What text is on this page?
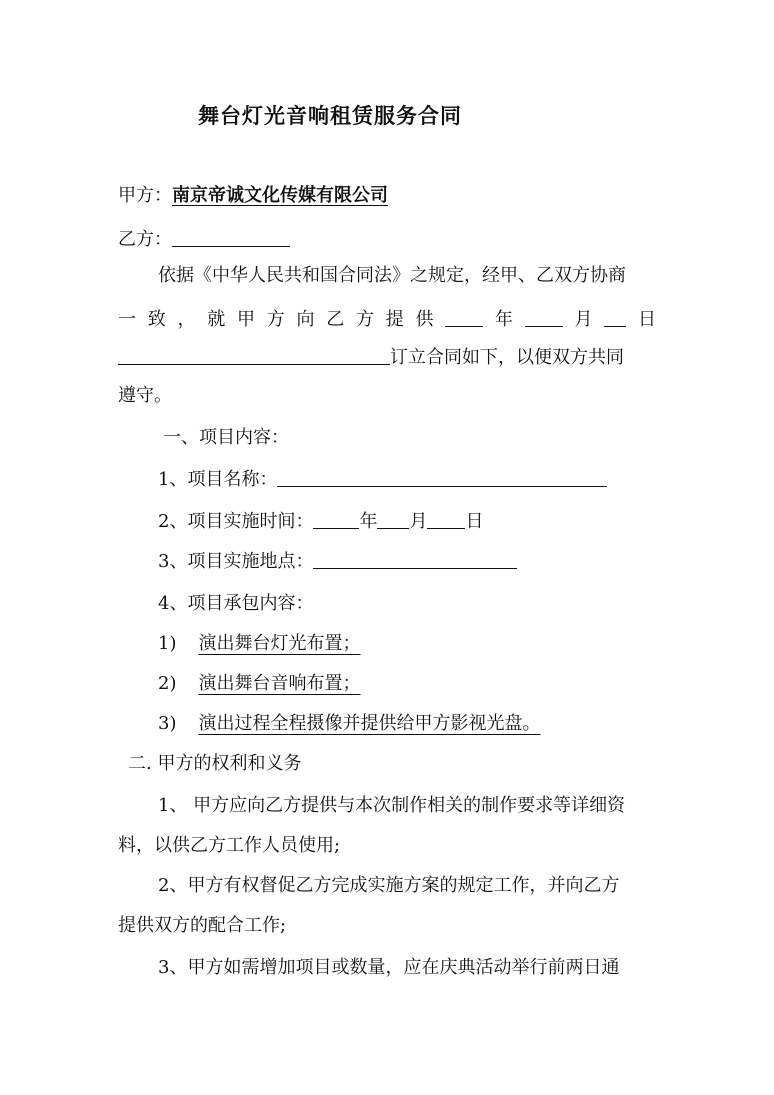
舞台灯光音响租赁服务合同
甲方：南京帝诚文化传媒有限公司
乙方：
依据《中华人民共和国合同法》之规定，经甲、乙双方协商
一 致 ， 就 甲 方 向 乙 方 提 供	年	月	日
订立合同如下，以便双方共同
遵守。
一、项目内容：
1、项目名称：
2、项目实施时间：	年 月 日
3、项目实施地点：
4、项目承包内容：
1) 演出舞台灯光布置；
2) 演出舞台音响布置；
3) 演出过程全程摄像并提供给甲方影视光盘。
二. 甲方的权利和义务
1、 甲方应向乙方提供与本次制作相关的制作要求等详细资
料，以供乙方工作人员使用;
2、甲方有权督促乙方完成实施方案的规定工作，并向乙方
提供双方的配合工作;
3、甲方如需增加项目或数量，应在庆典活动举行前两日通
